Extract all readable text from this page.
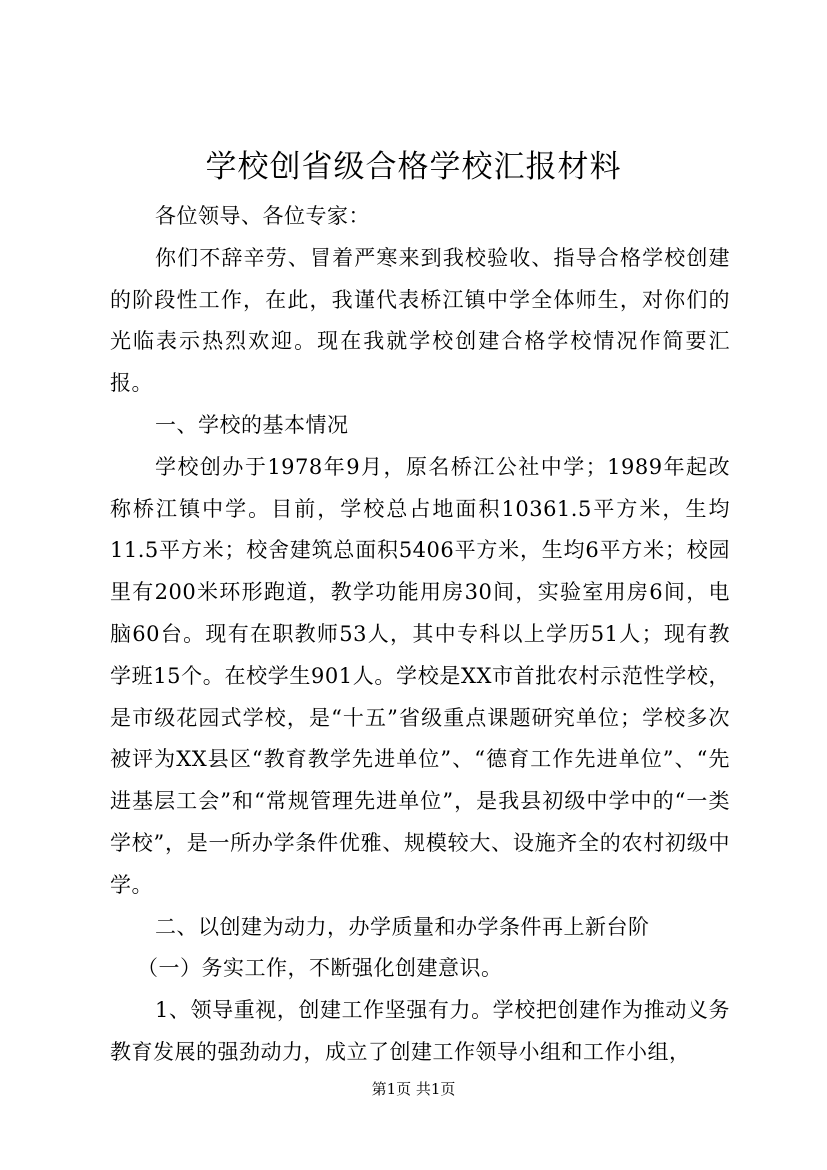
学校创省级合格学校汇报材料

各位领导、各位专家：

你们不辞辛劳、冒着严寒来到我校验收、指导合格学校创建的阶段性工作，在此，我谨代表桥江镇中学全体师生，对你们的光临表示热烈欢迎。现在我就学校创建合格学校情况作简要汇报。

一、学校的基本情况

学校创办于1978年9月，原名桥江公社中学；1989年起改称桥江镇中学。目前，学校总占地面积10361.5平方米，生均11.5平方米；校舍建筑总面积5406平方米，生均6平方米；校园里有200米环形跑道，教学功能用房30间，实验室用房6间，电脑60台。现有在职教师53人，其中专科以上学历51人；现有教学班15个。在校学生901人。学校是XX市首批农村示范性学校，是市级花园式学校，是“十五”省级重点课题研究单位；学校多次被评为XX县区“教育教学先进单位”、“德育工作先进单位”、“先进基层工会”和“常规管理先进单位”，是我县初级中学中的“一类学校”，是一所办学条件优雅、规模较大、设施齐全的农村初级中学。

二、以创建为动力，办学质量和办学条件再上新台阶

（一）务实工作，不断强化创建意识。

1、领导重视，创建工作坚强有力。学校把创建作为推动义务教育发展的强劲动力，成立了创建工作领导小组和工作小组，

第1页 共1页
